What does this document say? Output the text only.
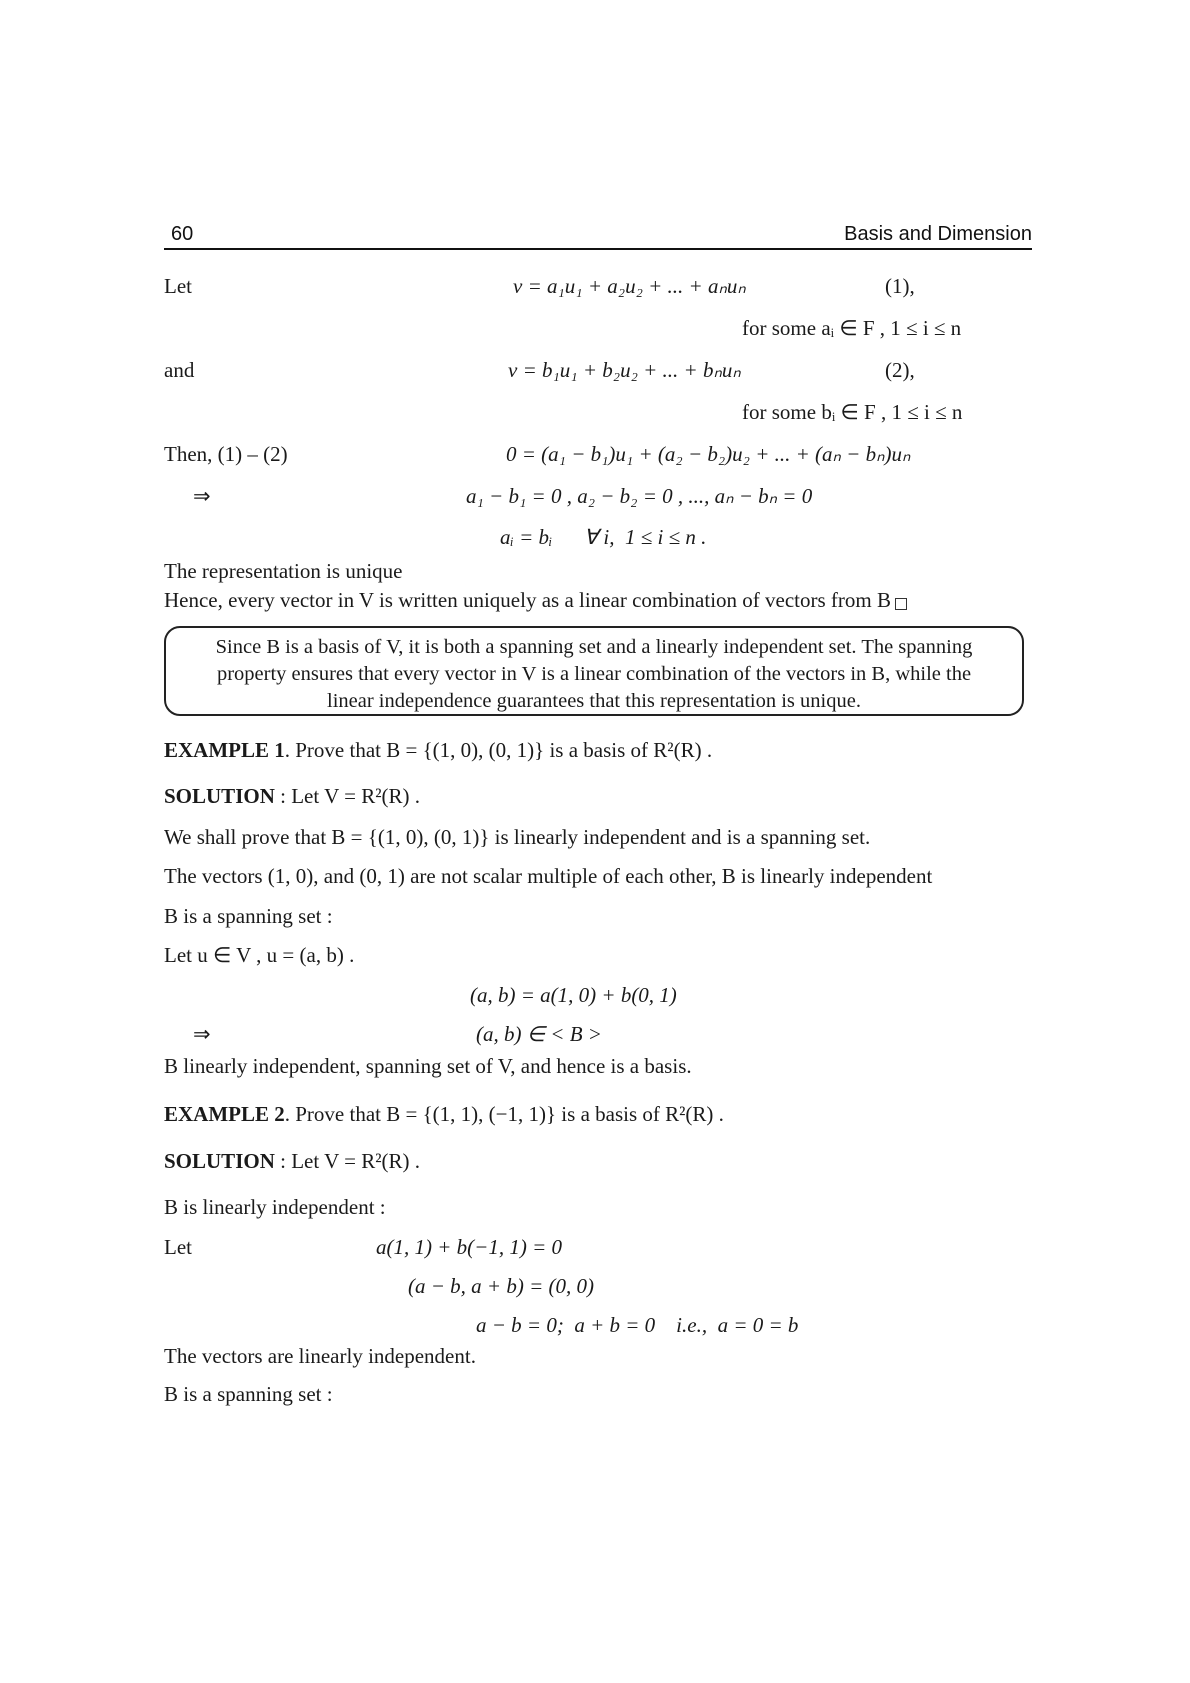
60	Basis and Dimension
Let	v = a₁u₁ + a₂u₂ + ... + aₙuₙ	(1),
for some aᵢ ∈ F , 1 ≤ i ≤ n
and	v = b₁u₁ + b₂u₂ + ... + bₙuₙ	(2),
for some bᵢ ∈ F , 1 ≤ i ≤ n
Then, (1) – (2)	0 = (a₁ − b₁)u₁ + (a₂ − b₂)u₂ + ... + (aₙ − bₙ)uₙ
⇒	a₁ − b₁ = 0 , a₂ − b₂ = 0 , ..., aₙ − bₙ = 0
aᵢ = bᵢ      ∀ i,  1 ≤ i ≤ n .
The representation is unique
Hence, every vector in V is written uniquely as a linear combination of vectors from B
Since B is a basis of V, it is both a spanning set and a linearly independent set. The spanning
property ensures that every vector in V is a linear combination of the vectors in B, while the
linear independence guarantees that this representation is unique.
EXAMPLE 1. Prove that B = {(1, 0), (0, 1)} is a basis of R²(R) .
SOLUTION : Let V = R²(R) .
We shall prove that B = {(1, 0), (0, 1)} is linearly independent and is a spanning set.
The vectors (1, 0), and (0, 1) are not scalar multiple of each other, B is linearly independent
B is a spanning set :
Let u ∈ V , u = (a, b) .
(a, b) = a(1, 0) + b(0, 1)
⇒	(a, b) ∈ < B >
B linearly independent, spanning set of V, and hence is a basis.
EXAMPLE 2. Prove that B = {(1, 1), (−1, 1)} is a basis of R²(R) .
SOLUTION : Let V = R²(R) .
B is linearly independent :
Let	a(1, 1) + b(−1, 1) = 0
(a − b, a + b) = (0, 0)
a − b = 0;  a + b = 0    i.e.,  a = 0 = b
The vectors are linearly independent.
B is a spanning set :
